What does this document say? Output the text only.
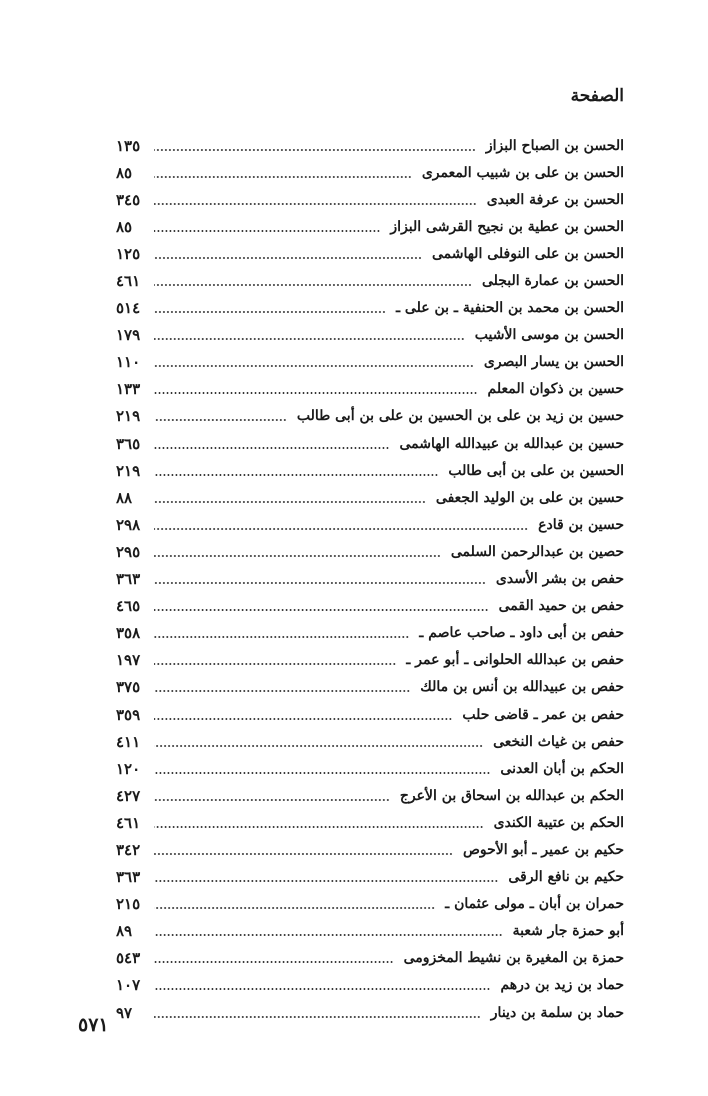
الصفحة
الحسن بن الصباح البزاز
١٣٥
الحسن بن على بن شبيب المعمرى
٨٥
الحسن بن عرفة العبدى
٣٤٥
الحسن بن عطية بن نجيح القرشى البزاز
٨٥
الحسن بن على النوفلى الهاشمى
١٢٥
الحسن بن عمارة البجلى
٤٦١
الحسن بن محمد بن الحنفية ـ بن على ـ
٥١٤
الحسن بن موسى الأشيب
١٧٩
الحسن بن يسار البصرى
١١٠
حسين بن ذكوان المعلم
١٣٣
حسين بن زيد بن على بن الحسين بن على بن أبى طالب
٢١٩
حسين بن عبدالله بن عبيدالله الهاشمى
٣٦٥
الحسين بن على بن أبى طالب
٢١٩
حسين بن على بن الوليد الجعفى
٨٨
حسين بن قادع
٢٩٨
حصين بن عبدالرحمن السلمى
٢٩٥
حفص بن بشر الأسدى
٣٦٣
حفص بن حميد القمى
٤٦٥
حفص بن أبى داود ـ صاحب عاصم ـ
٣٥٨
حفص بن عبدالله الحلوانى ـ أبو عمر ـ
١٩٧
حفص بن عبيدالله بن أنس بن مالك
٣٧٥
حفص بن عمر ـ قاضى حلب
٣٥٩
حفص بن غياث النخعى
٤١١
الحكم بن أبان العدنى
١٢٠
الحكم بن عبدالله بن اسحاق بن الأعرج
٤٢٧
الحكم بن عتيبة الكندى
٤٦١
حكيم بن عمير ـ أبو الأحوص
٣٤٢
حكيم بن نافع الرقى
٣٦٣
حمران بن أبان ـ مولى عثمان ـ
٢١٥
أبو حمزة جار شعبة
٨٩
حمزة بن المغيرة بن نشيط المخزومى
٥٤٣
حماد بن زيد بن درهم
١٠٧
حماد بن سلمة بن دينار
٩٧
٥٧١
